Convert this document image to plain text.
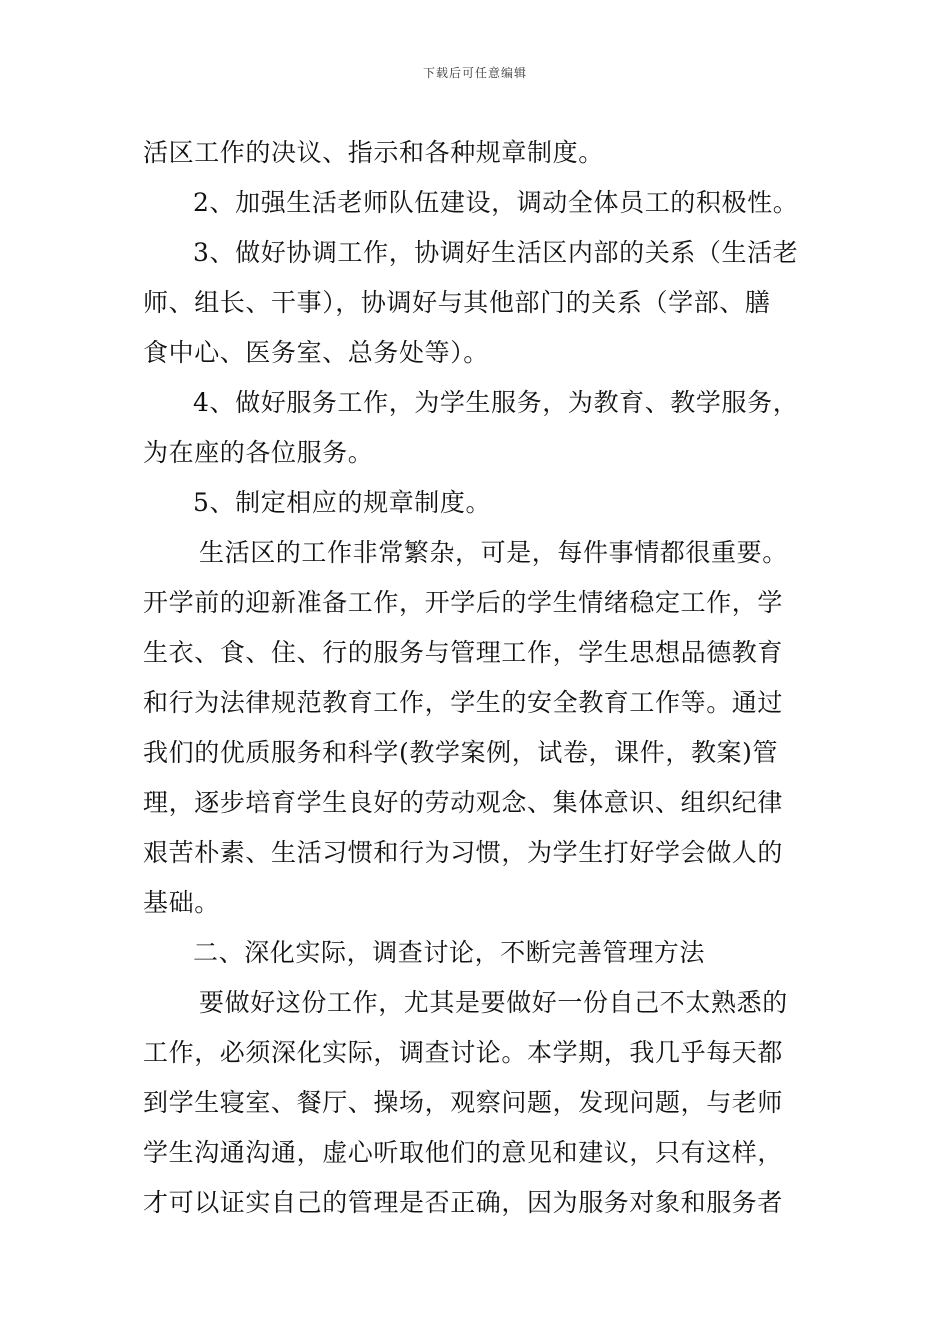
下载后可任意编辑
活区工作的决议、指示和各种规章制度。
2、加强生活老师队伍建设，调动全体员工的积极性。
3、做好协调工作，协调好生活区内部的关系（生活老
师、组长、干事），协调好与其他部门的关系（学部、膳
食中心、医务室、总务处等）。
4、做好服务工作，为学生服务，为教育、教学服务，
为在座的各位服务。
5、制定相应的规章制度。
生活区的工作非常繁杂，可是，每件事情都很重要。
开学前的迎新准备工作，开学后的学生情绪稳定工作，学
生衣、食、住、行的服务与管理工作，学生思想品德教育
和行为法律规范教育工作，学生的安全教育工作等。通过
我们的优质服务和科学(教学案例，试卷，课件，教案)管
理，逐步培育学生良好的劳动观念、集体意识、组织纪律
艰苦朴素、生活习惯和行为习惯，为学生打好学会做人的
基础。
二、深化实际，调查讨论，不断完善管理方法
要做好这份工作，尤其是要做好一份自己不太熟悉的
工作，必须深化实际，调查讨论。本学期，我几乎每天都
到学生寝室、餐厅、操场，观察问题，发现问题，与老师
学生沟通沟通，虚心听取他们的意见和建议，只有这样，
才可以证实自己的管理是否正确，因为服务对象和服务者
